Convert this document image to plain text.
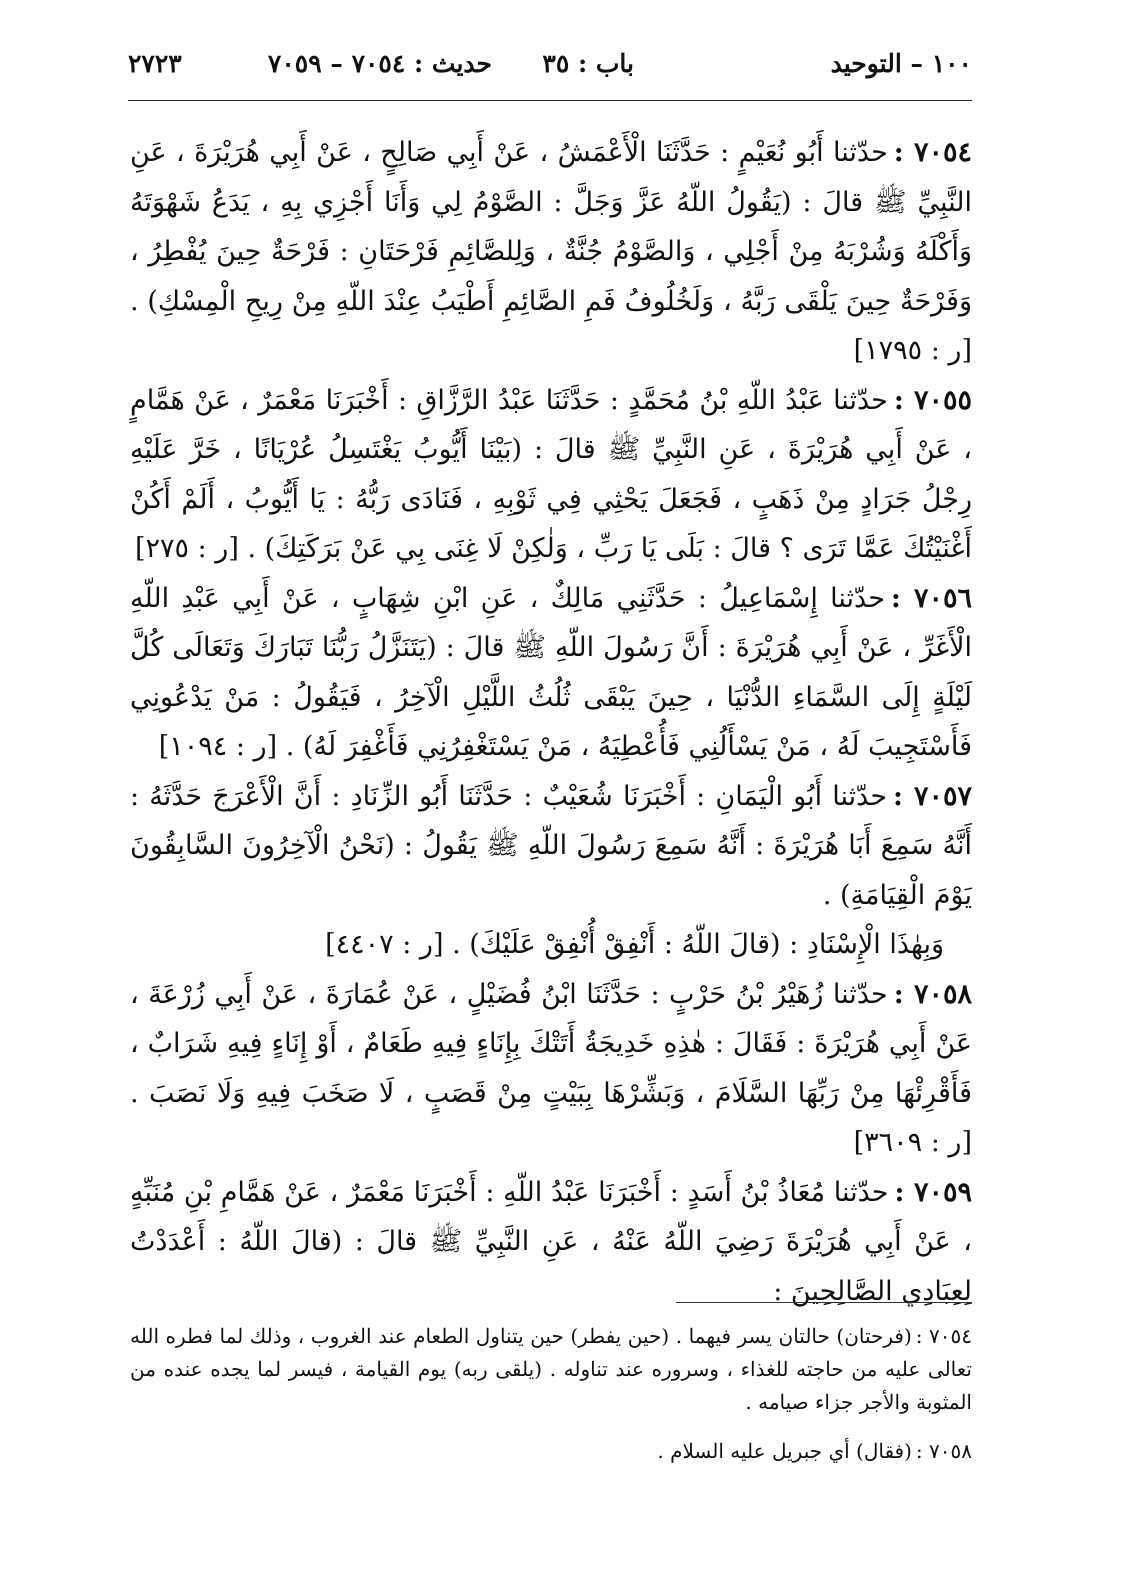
١٠٠ – التوحيد
باب : ٣٥
حديث : ٧٠٥٤ – ٧٠٥٩
٢٧٢٣

٧٠٥٤ :حدّثنا أَبُو نُعَيْمٍ : حَدَّثَنَا الْأَعْمَشُ ، عَنْ أَبِي صَالِحٍ ، عَنْ أَبِي هُرَيْرَةَ ، عَنِ النَّبِيِّ ﷺ قالَ : (يَقُولُ اللّهُ عَزَّ وَجَلَّ : الصَّوْمُ لِي وَأَنَا أَجْزِي بِهِ ، يَدَعُ شَهْوَتَهُ وَأَكْلَهُ وَشُرْبَهُ مِنْ أَجْلِي ، وَالصَّوْمُ جُنَّةٌ ، وَلِلصَّائِمِ فَرْحَتَانِ : فَرْحَةٌ حِينَ يُفْطِرُ ، وَفَرْحَةٌ حِينَ يَلْقَى رَبَّهُ ، وَلَخُلُوفُ فَمِ الصَّائِمِ أَطْيَبُ عِنْدَ اللّهِ مِنْ رِيحِ الْمِسْكِ) . [ر : ١٧٩٥]

٧٠٥٥ :حدّثنا عَبْدُ اللّهِ بْنُ مُحَمَّدٍ : حَدَّثَنَا عَبْدُ الرَّزَّاقِ : أَخْبَرَنَا مَعْمَرٌ ، عَنْ هَمَّامٍ ، عَنْ أَبِي هُرَيْرَةَ ، عَنِ النَّبِيِّ ﷺ قالَ : (بَيْنَا أَيُّوبُ يَغْتَسِلُ عُرْيَانًا ، خَرَّ عَلَيْهِ رِجْلُ جَرَادٍ مِنْ ذَهَبٍ ، فَجَعَلَ يَحْثِي فِي ثَوْبِهِ ، فَنَادَى رَبُّهُ : يَا أَيُّوبُ ، أَلَمْ أَكُنْ أَغْنَيْتُكَ عَمَّا تَرَى ؟ قالَ : بَلَى يَا رَبِّ ، وَلٰكِنْ لَا غِنَى بِي عَنْ بَرَكَتِكَ) . [ر : ٢٧٥]

٧٠٥٦ :حدّثنا إِسْمَاعِيلُ : حَدَّثَنِي مَالِكٌ ، عَنِ ابْنِ شِهَابٍ ، عَنْ أَبِي عَبْدِ اللّهِ الْأَغَرِّ ، عَنْ أَبِي هُرَيْرَةَ : أَنَّ رَسُولَ اللّهِ ﷺ قالَ : (يَتَنَزَّلُ رَبُّنَا تَبَارَكَ وَتَعَالَى كُلَّ لَيْلَةٍ إِلَى السَّمَاءِ الدُّنْيَا ، حِينَ يَبْقَى ثُلُثُ اللَّيْلِ الْآخِرُ ، فَيَقُولُ : مَنْ يَدْعُونِي فَأَسْتَجِيبَ لَهُ ، مَنْ يَسْأَلُنِي فَأُعْطِيَهُ ، مَنْ يَسْتَغْفِرُنِي فَأَغْفِرَ لَهُ) . [ر : ١٠٩٤]

٧٠٥٧ :حدّثنا أَبُو الْيَمَانِ : أَخْبَرَنَا شُعَيْبٌ : حَدَّثَنَا أَبُو الزِّنَادِ : أَنَّ الْأَعْرَجَ حَدَّثَهُ : أَنَّهُ سَمِعَ أَبَا هُرَيْرَةَ : أَنَّهُ سَمِعَ رَسُولَ اللّهِ ﷺ يَقُولُ : (نَحْنُ الْآخِرُونَ السَّابِقُونَ يَوْمَ الْقِيَامَةِ) .

وَبِهٰذَا الْإِسْنَادِ : (قالَ اللّهُ : أَنْفِقْ أُنْفِقْ عَلَيْكَ) . [ر : ٤٤٠٧]

٧٠٥٨ :حدّثنا زُهَيْرُ بْنُ حَرْبٍ : حَدَّثَنَا ابْنُ فُضَيْلٍ ، عَنْ عُمَارَةَ ، عَنْ أَبِي زُرْعَةَ ، عَنْ أَبِي هُرَيْرَةَ : فَقَالَ : هٰذِهِ خَدِيجَةُ أَتَتْكَ بِإِنَاءٍ فِيهِ طَعَامٌ ، أَوْ إِنَاءٍ فِيهِ شَرَابٌ ، فَأَقْرِئْهَا مِنْ رَبِّهَا السَّلَامَ ، وَبَشِّرْهَا بِبَيْتٍ مِنْ قَصَبٍ ، لَا صَخَبَ فِيهِ وَلَا نَصَبَ . [ر : ٣٦٠٩]

٧٠٥٩ :حدّثنا مُعَاذُ بْنُ أَسَدٍ : أَخْبَرَنَا عَبْدُ اللّهِ : أَخْبَرَنَا مَعْمَرٌ ، عَنْ هَمَّامِ بْنِ مُنَبِّهٍ ، عَنْ أَبِي هُرَيْرَةَ رَضِيَ اللّهُ عَنْهُ ، عَنِ النَّبِيِّ ﷺ قالَ : (قالَ اللّهُ : أَعْدَدْتُ لِعِبَادِي الصَّالِحِينَ :

٧٠٥٤ :(فرحتان) حالتان يسر فيهما . (حين يفطر) حين يتناول الطعام عند الغروب ، وذلك لما فطره الله تعالى عليه من حاجته للغذاء ، وسروره عند تناوله . (يلقى ربه) يوم القيامة ، فيسر لما يجده عنده من المثوبة والأجر جزاء صيامه .

٧٠٥٨ :(فقال) أي جبريل عليه السلام .
